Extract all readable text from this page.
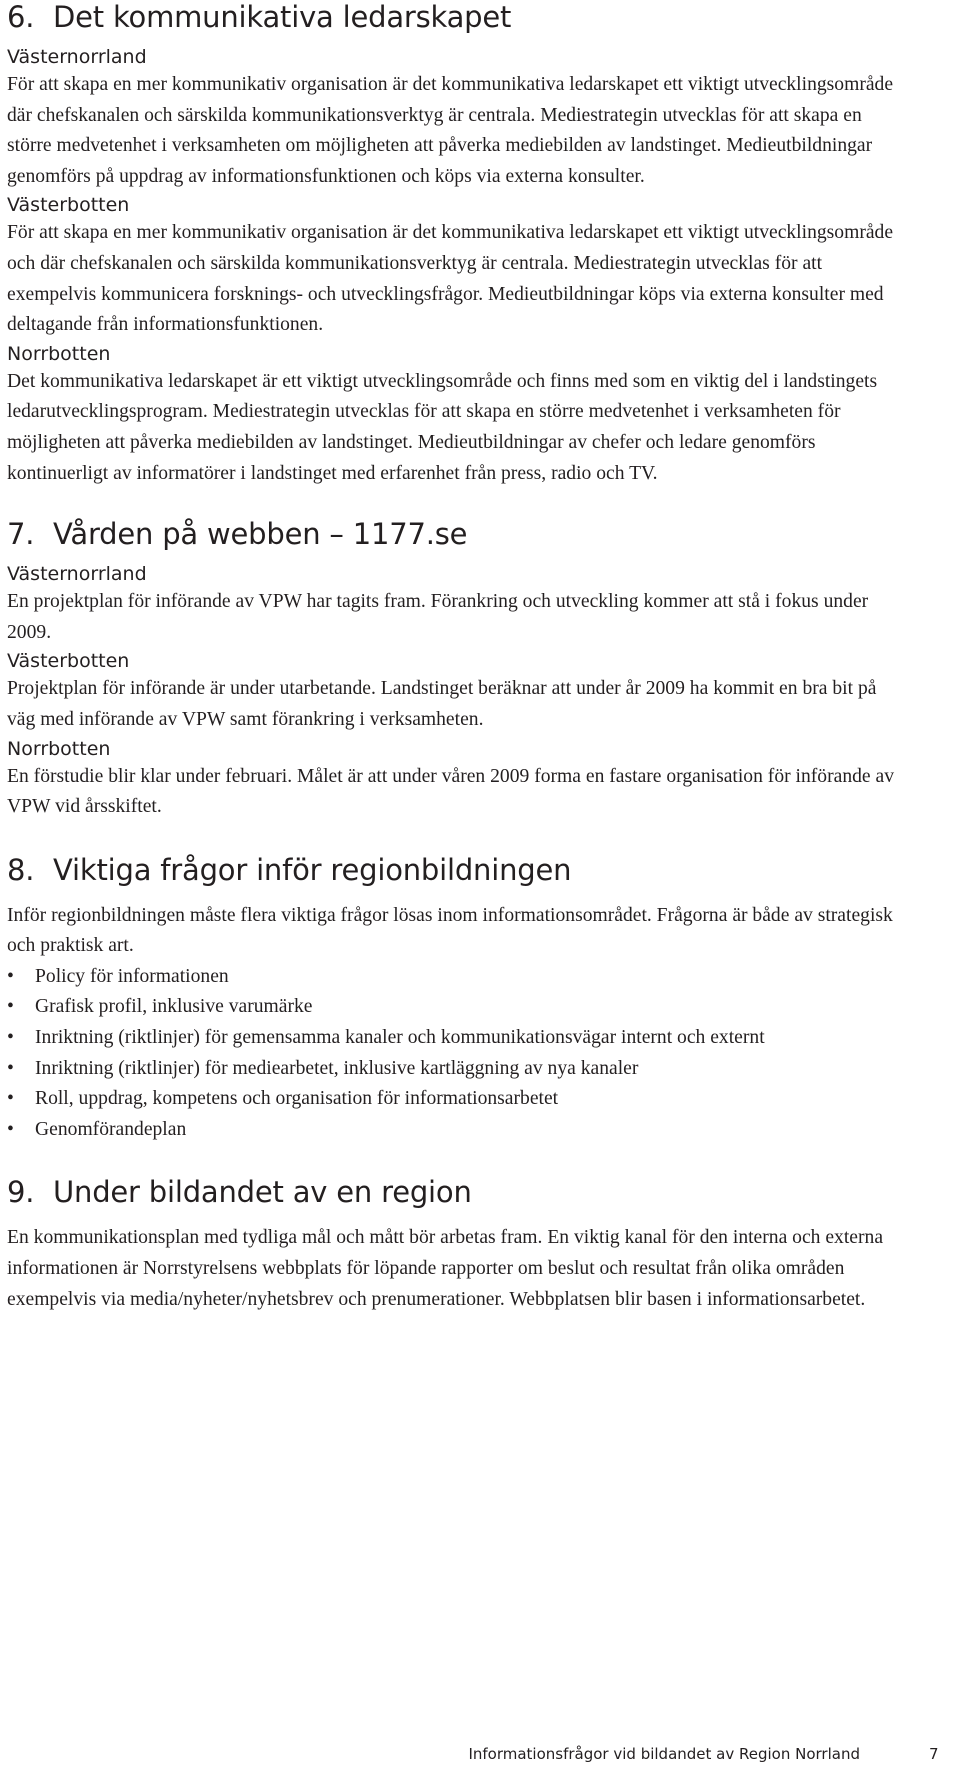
6. Det kommunikativa ledarskapet
Västernorrland

För att skapa en mer kommunikativ organisation är det kommunikativa ledarskapet ett viktigt utvecklingsområde där chefskanalen och särskilda kommunikationsverktyg är centrala. Mediestrategin utvecklas för att skapa en större medvetenhet i verksamheten om möjligheten att påverka mediebilden av landstinget. Medieutbildningar genomförs på uppdrag av informationsfunktionen och köps via externa konsulter.

Västerbotten

För att skapa en mer kommunikativ organisation är det kommunikativa ledarskapet ett viktigt utvecklingsområde och där chefskanalen och särskilda kommunikationsverktyg är centrala. Mediestrategin utvecklas för att exempelvis kommunicera forsknings- och utvecklingsfrågor. Medieutbildningar köps via externa konsulter med deltagande från informationsfunktionen.

Norrbotten

Det kommunikativa ledarskapet är ett viktigt utvecklingsområde och finns med som en viktig del i landstingets ledarutvecklingsprogram. Mediestrategin utvecklas för att skapa en större medvetenhet i verksamheten för möjligheten att påverka mediebilden av landstinget. Medieutbildningar av chefer och ledare genomförs kontinuerligt av informatörer i landstinget med erfarenhet från press, radio och TV.

7. Vården på webben – 1177.se
Västernorrland

En projektplan för införande av VPW har tagits fram. Förankring och utveckling kommer att stå i fokus under 2009.

Västerbotten

Projektplan för införande är under utarbetande. Landstinget beräknar att under år 2009 ha kommit en bra bit på väg med införande av VPW samt förankring i verksamheten.

Norrbotten

En förstudie blir klar under februari. Målet är att under våren 2009 forma en fastare organisation för införande av VPW vid årsskiftet.

8. Viktiga frågor inför regionbildningen

Inför regionbildningen måste flera viktiga frågor lösas inom informationsområdet. Frågorna är både av strategisk och praktisk art.

• Policy för informationen
• Grafisk profil, inklusive varumärke
• Inriktning (riktlinjer) för gemensamma kanaler och kommunikationsvägar internt och externt
• Inriktning (riktlinjer) för mediearbetet, inklusive kartläggning av nya kanaler
• Roll, uppdrag, kompetens och organisation för informationsarbetet
• Genomförandeplan
9. Under bildandet av en region

En kommunikationsplan med tydliga mål och mått bör arbetas fram. En viktig kanal för den interna och externa informationen är Norrstyrelsens webbplats för löpande rapporter om beslut och resultat från olika områden exempelvis via media/nyheter/nyhetsbrev och prenumerationer. Webbplatsen blir basen i informationsarbetet.

Informationsfrågor vid bildandet av Region Norrland	7
